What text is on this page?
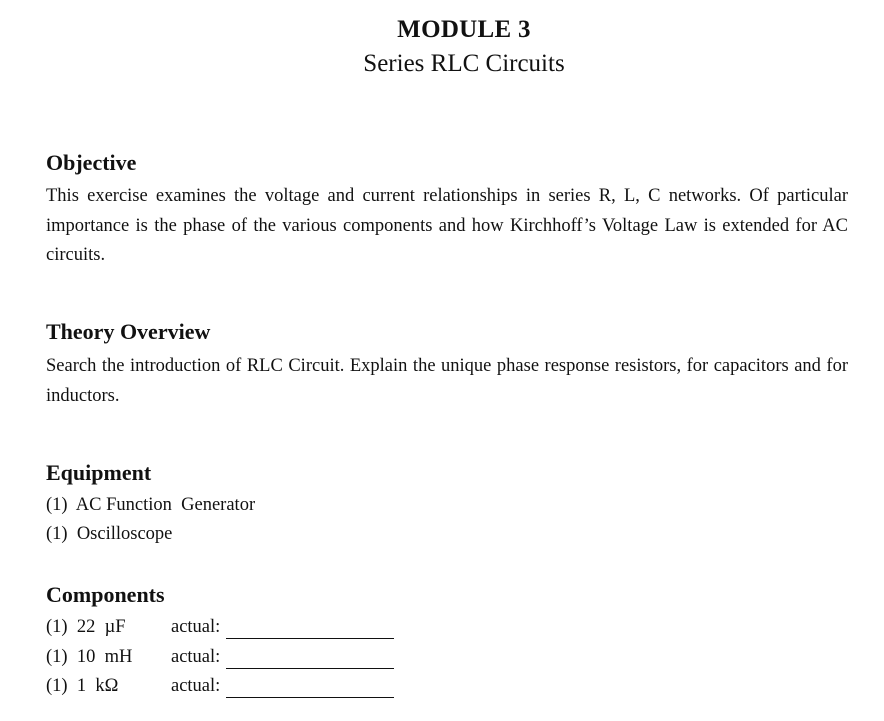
MODULE 3
Series RLC Circuits
Objective
This exercise examines the voltage and current relationships in series R, L, C networks. Of particular importance is the phase of the various components and how Kirchhoff’s Voltage Law is extended for AC circuits.
Theory Overview
Search the introduction of RLC Circuit. Explain the unique phase response resistors, for capacitors and for inductors.
Equipment
(1)  AC Function  Generator
(1)  Oscilloscope
Components
(1)  22  µF actual:
(1)  10  mH actual:
(1)  1  kΩ	actual:
